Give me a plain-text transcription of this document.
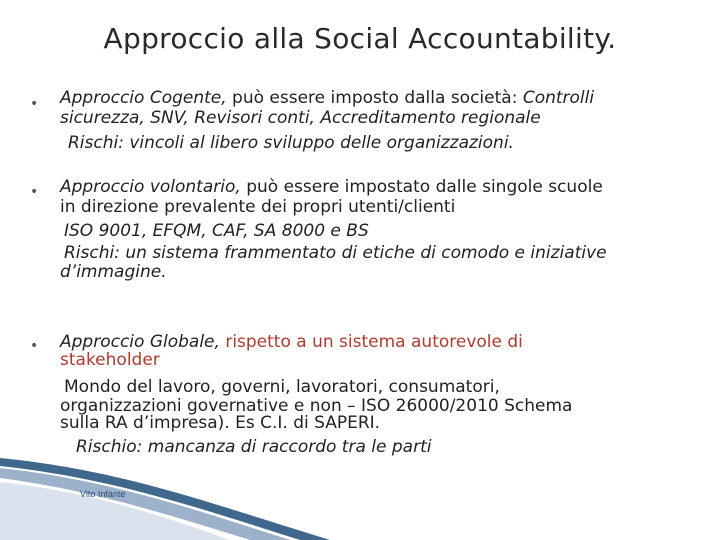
Approccio alla Social Accountability.
• Approccio Cogente, può essere imposto dalla società: Controlli
sicurezza, SNV, Revisori conti, Accreditamento regionale
Rischi: vincoli al libero sviluppo delle organizzazioni.
• Approccio volontario, può essere impostato dalle singole scuole
in direzione prevalente dei propri utenti/clienti
ISO 9001, EFQM, CAF, SA 8000 e BS
Rischi: un sistema frammentato di etiche di comodo e iniziative
d’immagine.
• Approccio Globale, rispetto a un sistema autorevole di
stakeholder
Mondo del lavoro, governi, lavoratori, consumatori,
organizzazioni governative e non – ISO 26000/2010 Schema
sulla RA d’impresa). Es C.I. di SAPERI.
Rischio: mancanza di raccordo tra le parti
Vito Infante
